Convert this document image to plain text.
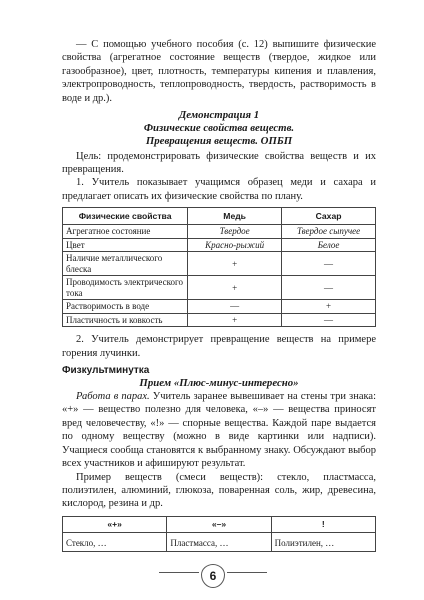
— С помощью учебного пособия (с. 12) выпишите физические свойства (агрегатное состояние веществ (твердое, жидкое или газообразное), цвет, плотность, температуры кипения и плавления, электропроводность, теплопроводность, твердость, растворимость в воде и др.).

Демонстрация 1
Физические свойства веществ.
Превращения веществ. ОПБП

Цель: продемонстрировать физические свойства веществ и их превращения.

1. Учитель показывает учащимся образец меди и сахара и предлагает описать их физические свойства по плану.

Физические свойства	Медь	Сахар
Агрегатное состояние	Твердое	Твердое сыпучее
Цвет	Красно-рыжий	Белое
Наличие металлического блеска	+	—
Проводимость электрического тока	+	—
Растворимость в воде	—	+
Пластичность и ковкость	+	—

2. Учитель демонстрирует превращение веществ на примере горения лучинки.

Физкультминутка
Прием «Плюс-минус-интересно»

Работа в парах. Учитель заранее вывешивает на стены три знака: «+» — вещество полезно для человека, «–» — вещества приносят вред человечеству, «!» — спорные вещества. Каждой паре выдается по одному веществу (можно в виде картинки или надписи). Учащиеся сообща становятся к выбранному знаку. Обсуждают выбор всех участников и афишируют результат.

Пример веществ (смеси веществ): стекло, пластмасса, полиэтилен, алюминий, глюкоза, поваренная соль, жир, древесина, кислород, резина и др.

«+»	«–»	!
Стекло, …	Пластмасса, …	Полиэтилен, …
6
